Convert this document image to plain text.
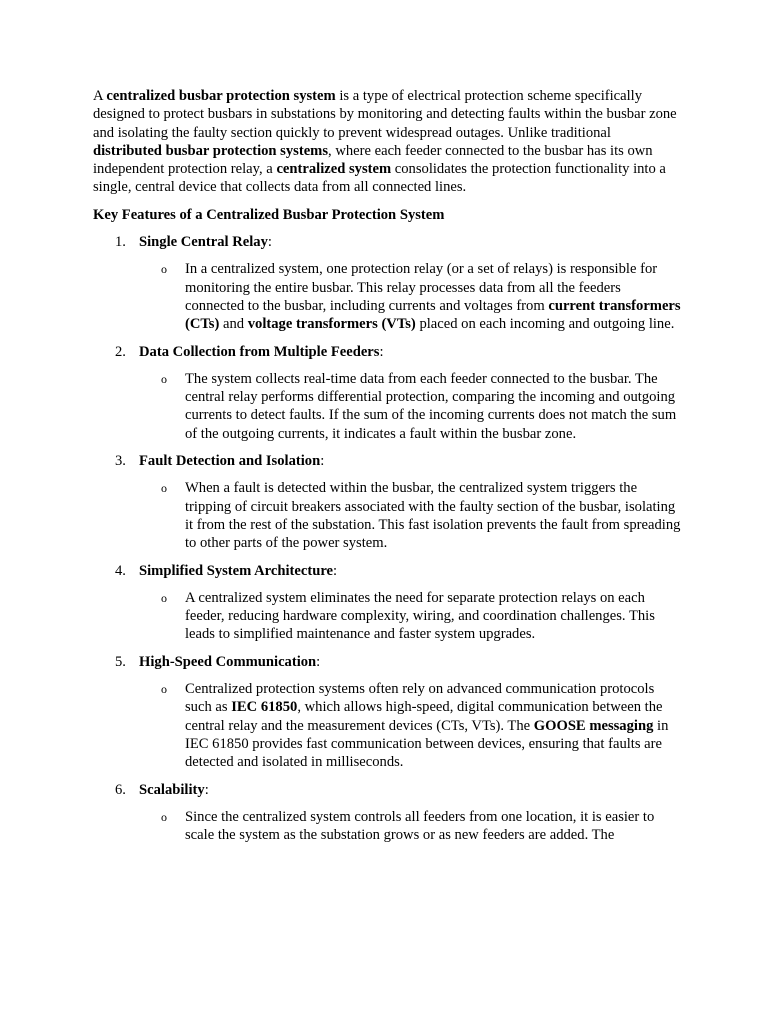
A centralized busbar protection system is a type of electrical protection scheme specifically designed to protect busbars in substations by monitoring and detecting faults within the busbar zone and isolating the faulty section quickly to prevent widespread outages. Unlike traditional distributed busbar protection systems, where each feeder connected to the busbar has its own independent protection relay, a centralized system consolidates the protection functionality into a single, central device that collects data from all connected lines.

Key Features of a Centralized Busbar Protection System

1. Single Central Relay:
o In a centralized system, one protection relay (or a set of relays) is responsible for monitoring the entire busbar. This relay processes data from all the feeders connected to the busbar, including currents and voltages from current transformers (CTs) and voltage transformers (VTs) placed on each incoming and outgoing line.
2. Data Collection from Multiple Feeders:
o The system collects real-time data from each feeder connected to the busbar. The central relay performs differential protection, comparing the incoming and outgoing currents to detect faults. If the sum of the incoming currents does not match the sum of the outgoing currents, it indicates a fault within the busbar zone.
3. Fault Detection and Isolation:
o When a fault is detected within the busbar, the centralized system triggers the tripping of circuit breakers associated with the faulty section of the busbar, isolating it from the rest of the substation. This fast isolation prevents the fault from spreading to other parts of the power system.
4. Simplified System Architecture:
o A centralized system eliminates the need for separate protection relays on each feeder, reducing hardware complexity, wiring, and coordination challenges. This leads to simplified maintenance and faster system upgrades.
5. High-Speed Communication:
o Centralized protection systems often rely on advanced communication protocols such as IEC 61850, which allows high-speed, digital communication between the central relay and the measurement devices (CTs, VTs). The GOOSE messaging in IEC 61850 provides fast communication between devices, ensuring that faults are detected and isolated in milliseconds.
6. Scalability:
o Since the centralized system controls all feeders from one location, it is easier to scale the system as the substation grows or as new feeders are added. The
